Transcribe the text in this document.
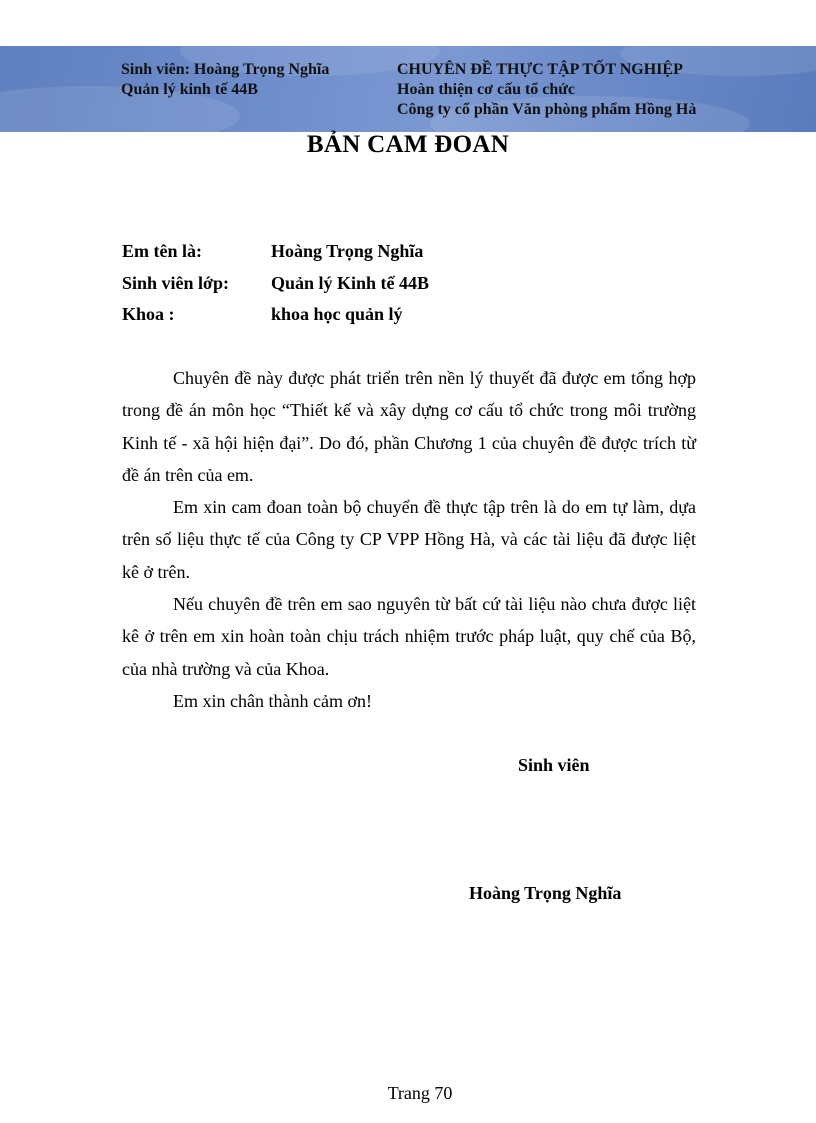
Sinh viên: Hoàng Trọng Nghĩa
Quản lý kinh tế 44B
CHUYÊN ĐỀ THỰC TẬP TỐT NGHIỆP
Hoàn thiện cơ cấu tổ chức
Công ty cổ phần Văn phòng phẩm Hồng Hà
BẢN CAM ĐOAN
Em tên là:	Hoàng Trọng Nghĩa
Sinh viên lớp: Quản lý Kinh tế 44B
Khoa :	khoa học quản lý

Chuyên đề này được phát triển trên nền lý thuyết đã được em tổng hợp trong đề án môn học “Thiết kế và xây dựng cơ cấu tổ chức trong môi trường Kinh tế - xã hội hiện đại”. Do đó, phần Chương 1 của chuyên đề được trích từ đề án trên của em.

Em xin cam đoan toàn bộ chuyển đề thực tập trên là do em tự làm, dựa trên số liệu thực tế của Công ty CP VPP Hồng Hà, và các tài liệu đã được liệt kê ở trên.

Nếu chuyên đề trên em sao nguyên từ bất cứ tài liệu nào chưa được liệt kê ở trên em xin hoàn toàn chịu trách nhiệm trước pháp luật, quy chế của Bộ, của nhà trường và của Khoa.

Em xin chân thành cảm ơn!

Sinh viên
Hoàng Trọng Nghĩa
Trang 70
